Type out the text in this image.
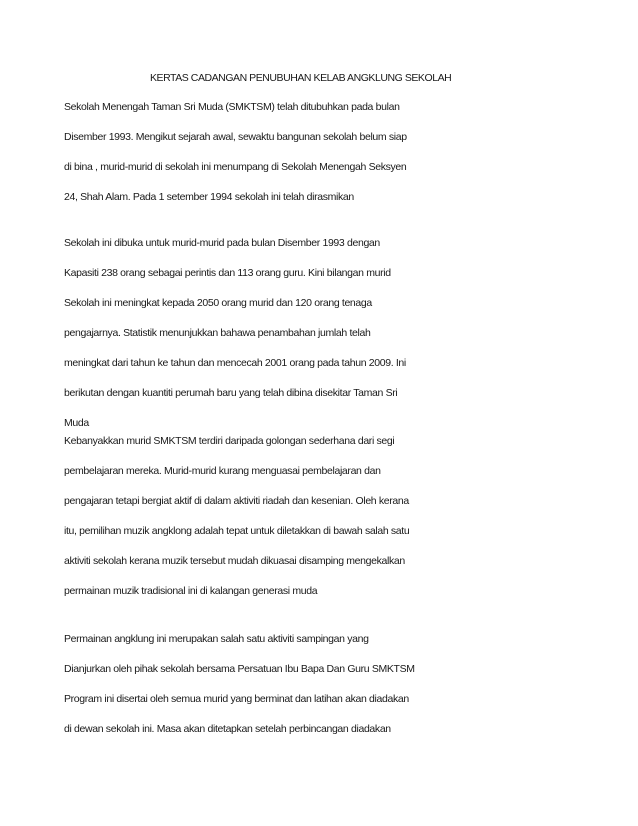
KERTAS CADANGAN PENUBUHAN KELAB ANGKLUNG SEKOLAH

Sekolah Menengah Taman Sri Muda (SMKTSM) telah ditubuhkan pada bulan
Disember 1993. Mengikut sejarah awal, sewaktu bangunan sekolah belum siap
di bina , murid-murid di sekolah ini menumpang di Sekolah Menengah Seksyen
24, Shah Alam. Pada 1 setember 1994 sekolah ini telah dirasmikan

Sekolah ini dibuka untuk murid-murid pada bulan Disember 1993 dengan
Kapasiti 238 orang sebagai perintis dan 113 orang guru. Kini bilangan murid
Sekolah ini meningkat kepada 2050 orang murid dan 120 orang tenaga
pengajarnya. Statistik menunjukkan bahawa penambahan jumlah telah
meningkat dari tahun ke tahun dan mencecah 2001 orang pada tahun 2009. Ini
berikutan dengan kuantiti perumah baru yang telah dibina disekitar Taman Sri
Muda

Kebanyakkan murid SMKTSM terdiri daripada golongan sederhana dari segi
pembelajaran mereka. Murid-murid kurang menguasai pembelajaran dan
pengajaran tetapi bergiat aktif di dalam aktiviti riadah dan kesenian. Oleh kerana
itu, pemilihan muzik angklong adalah tepat untuk diletakkan di bawah salah satu
aktiviti sekolah kerana muzik tersebut mudah dikuasai disamping mengekalkan
permainan muzik tradisional ini di kalangan generasi muda

Permainan angklung ini merupakan salah satu aktiviti sampingan yang
Dianjurkan oleh pihak sekolah bersama Persatuan Ibu Bapa Dan Guru SMKTSM
Program ini disertai oleh semua murid yang berminat dan latihan akan diadakan
di dewan sekolah ini. Masa akan ditetapkan setelah perbincangan diadakan
